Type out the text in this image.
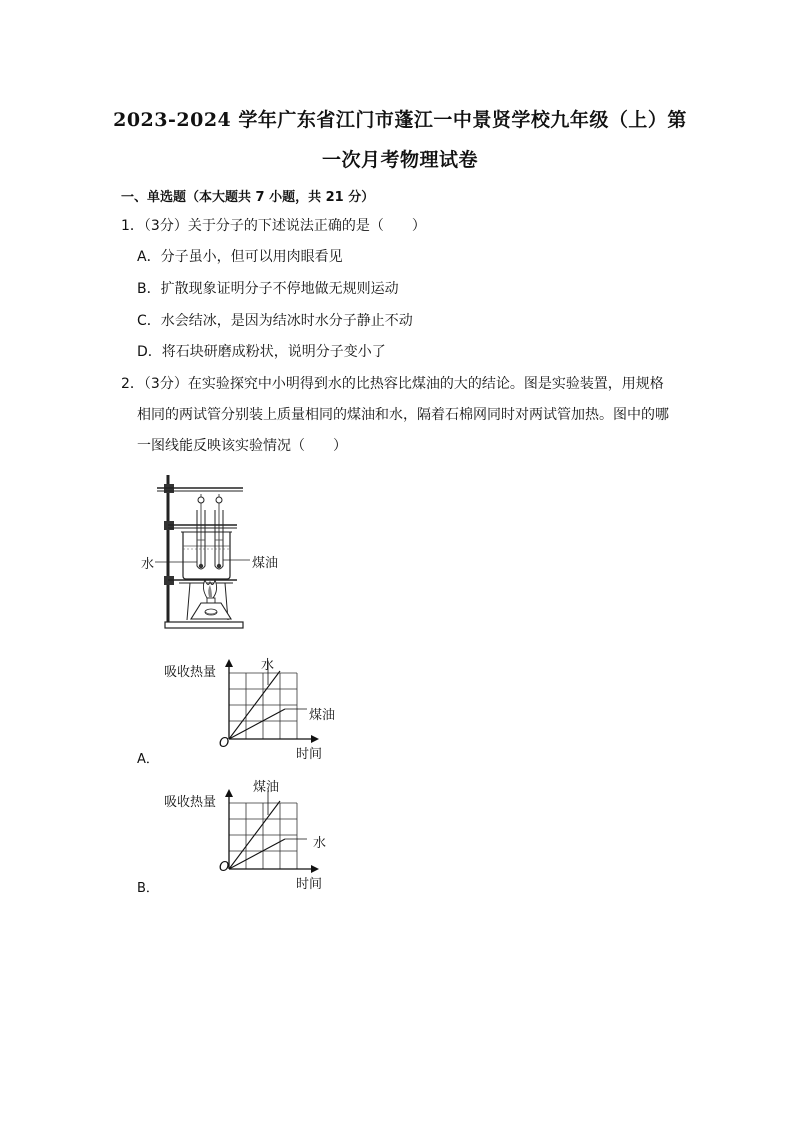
2023-2024 学年广东省江门市蓬江一中景贤学校九年级（上）第
一次月考物理试卷
一、单选题（本大题共 7 小题，共 21 分）
1．（3分）关于分子的下述说法正确的是（　　）
A．分子虽小，但可以用肉眼看见
B．扩散现象证明分子不停地做无规则运动
C．水会结冰，是因为结冰时水分子静止不动
D．将石块研磨成粉状，说明分子变小了
2．（3分）在实验探究中小明得到水的比热容比煤油的大的结论。图是实验装置，用规格
相同的两试管分别装上质量相同的煤油和水，隔着石棉网同时对两试管加热。图中的哪
一图线能反映该实验情况（　　）
水	煤油
吸收热量	水
煤油
O
时间
A．
吸收热量
煤油
水
O
时间
B．
